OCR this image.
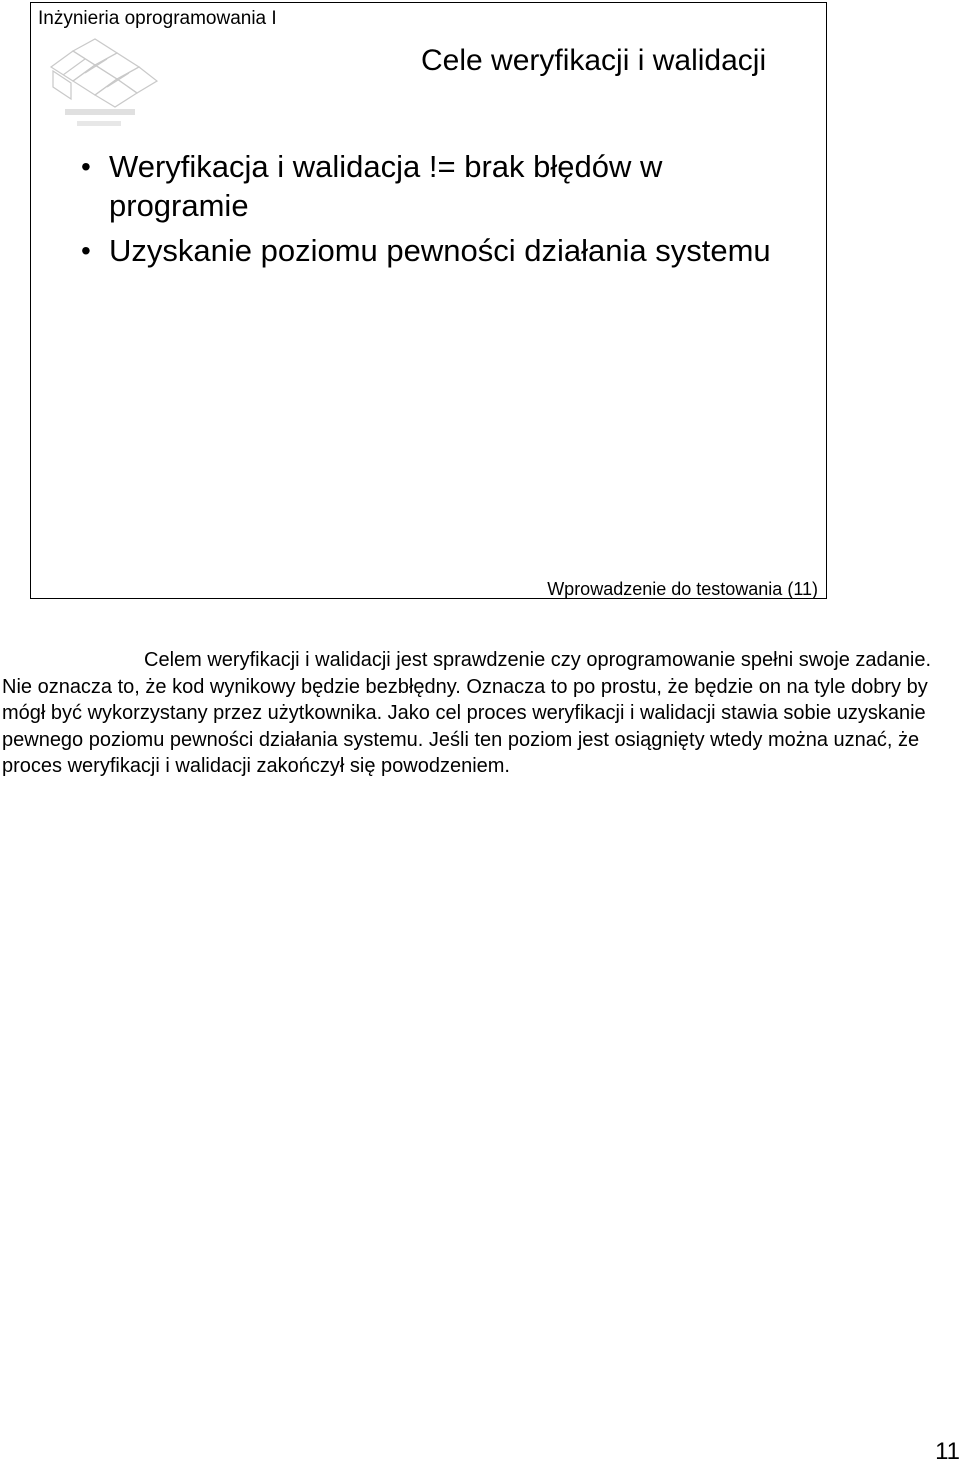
Inżynieria oprogramowania I
Cele weryfikacji i walidacji
• Weryfikacja i walidacja != brak błędów w programie
• Uzyskanie poziomu pewności działania systemu
Wprowadzenie do testowania (11)

Celem weryfikacji i walidacji jest sprawdzenie czy oprogramowanie spełni swoje zadanie. Nie oznacza to, że kod wynikowy będzie bezbłędny. Oznacza to po prostu, że będzie on na tyle dobry by mógł być wykorzystany przez użytkownika. Jako cel proces weryfikacji i walidacji stawia sobie uzyskanie pewnego poziomu pewności działania systemu. Jeśli ten poziom jest osiągnięty wtedy można uznać, że proces weryfikacji i walidacji zakończył się powodzeniem.

11
